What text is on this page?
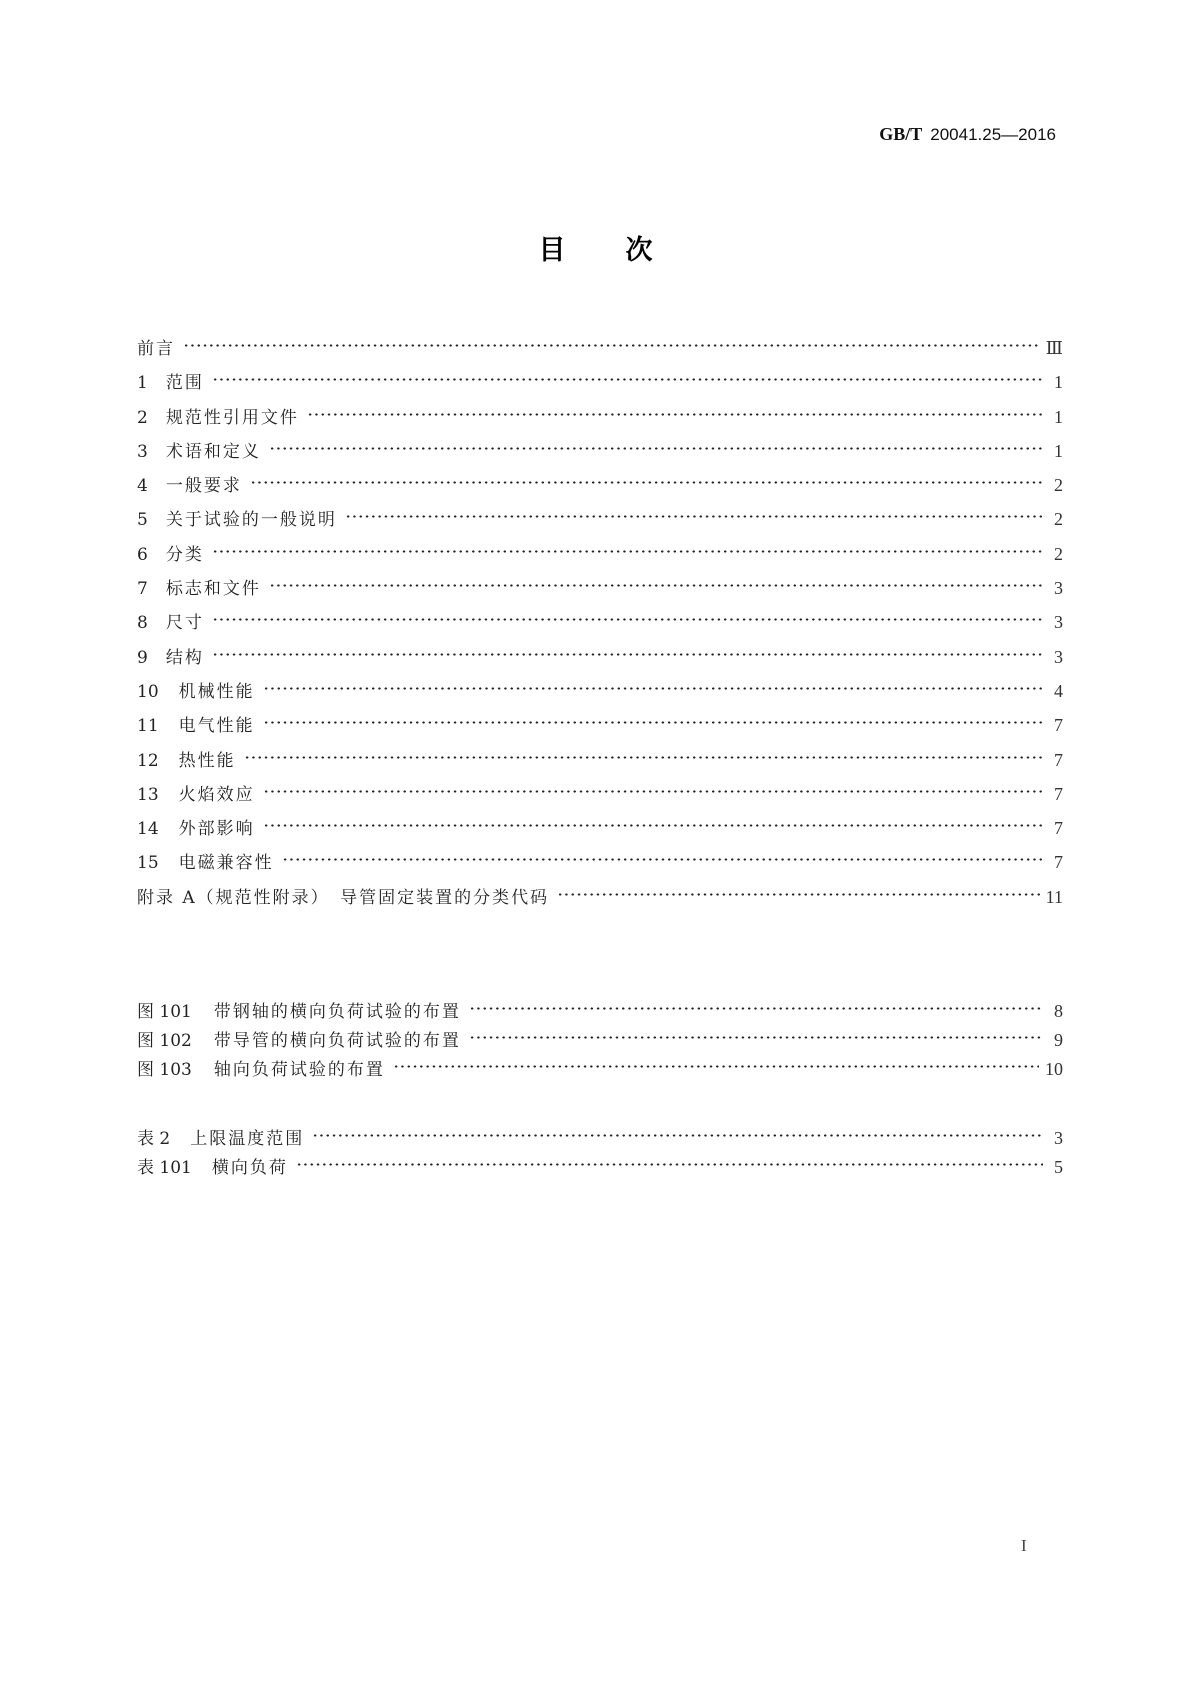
GB/T 20041.25—2016
目次
前言	Ⅲ
1 范围	1
2 规范性引用文件	1
3 术语和定义	1
4 一般要求	2
5 关于试验的一般说明	2
6 分类	2
7 标志和文件	3
8 尺寸	3
9 结构	3
10 机械性能	4
11 电气性能	7
12 热性能	7
13 火焰效应	7
14 外部影响	7
15 电磁兼容性	7
附录 A（规范性附录）　导管固定装置的分类代码	11
图 101 带钢轴的横向负荷试验的布置	8
图 102 带导管的横向负荷试验的布置	9
图 103 轴向负荷试验的布置	10
表 2 上限温度范围	3
表 101 横向负荷	5
I
